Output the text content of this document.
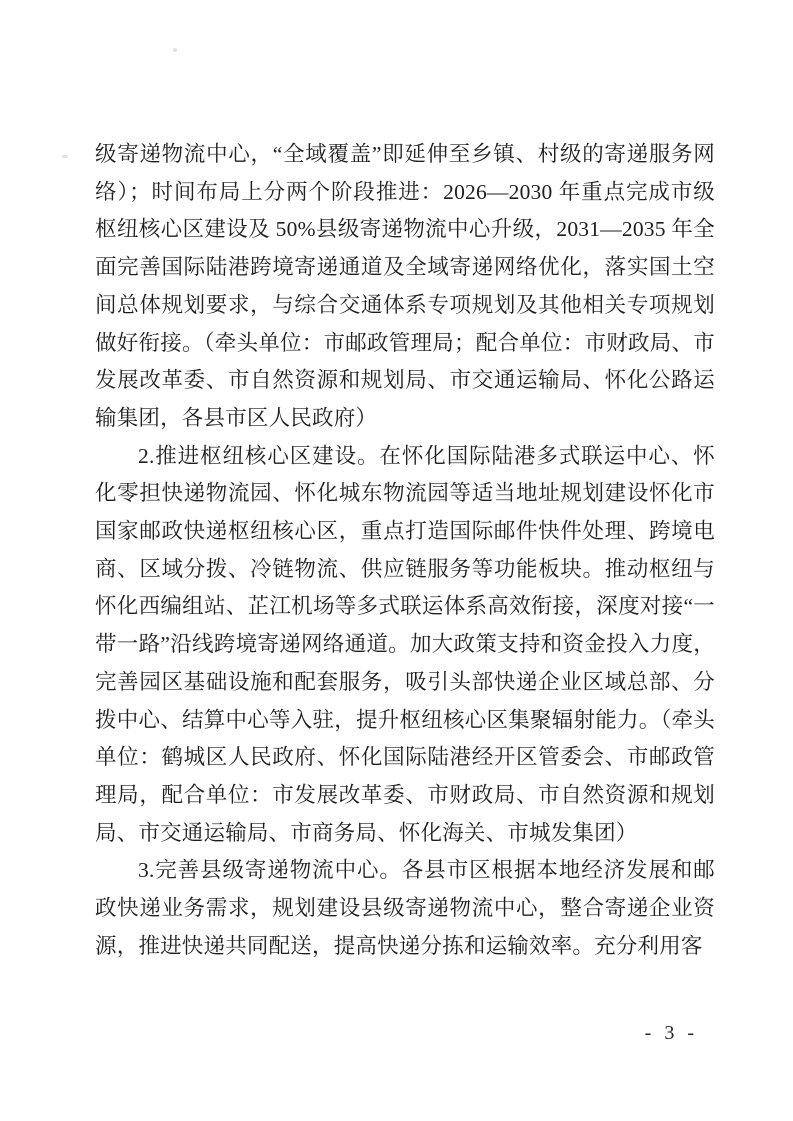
级寄递物流中心，“全域覆盖”即延伸至乡镇、村级的寄递服务网络）；时间布局上分两个阶段推进：2026—2030 年重点完成市级枢纽核心区建设及 50%县级寄递物流中心升级，2031—2035 年全面完善国际陆港跨境寄递通道及全域寄递网络优化，落实国土空间总体规划要求，与综合交通体系专项规划及其他相关专项规划做好衔接。（牵头单位：市邮政管理局；配合单位：市财政局、市发展改革委、市自然资源和规划局、市交通运输局、怀化公路运输集团，各县市区人民政府）

2.推进枢纽核心区建设。在怀化国际陆港多式联运中心、怀化零担快递物流园、怀化城东物流园等适当地址规划建设怀化市国家邮政快递枢纽核心区，重点打造国际邮件快件处理、跨境电商、区域分拨、冷链物流、供应链服务等功能板块。推动枢纽与怀化西编组站、芷江机场等多式联运体系高效衔接，深度对接“一带一路”沿线跨境寄递网络通道。加大政策支持和资金投入力度，完善园区基础设施和配套服务，吸引头部快递企业区域总部、分拨中心、结算中心等入驻，提升枢纽核心区集聚辐射能力。（牵头单位：鹤城区人民政府、怀化国际陆港经开区管委会、市邮政管理局，配合单位：市发展改革委、市财政局、市自然资源和规划局、市交通运输局、市商务局、怀化海关、市城发集团）

3.完善县级寄递物流中心。各县市区根据本地经济发展和邮政快递业务需求，规划建设县级寄递物流中心，整合寄递企业资源，推进快递共同配送，提高快递分拣和运输效率。充分利用客

- 3 -
